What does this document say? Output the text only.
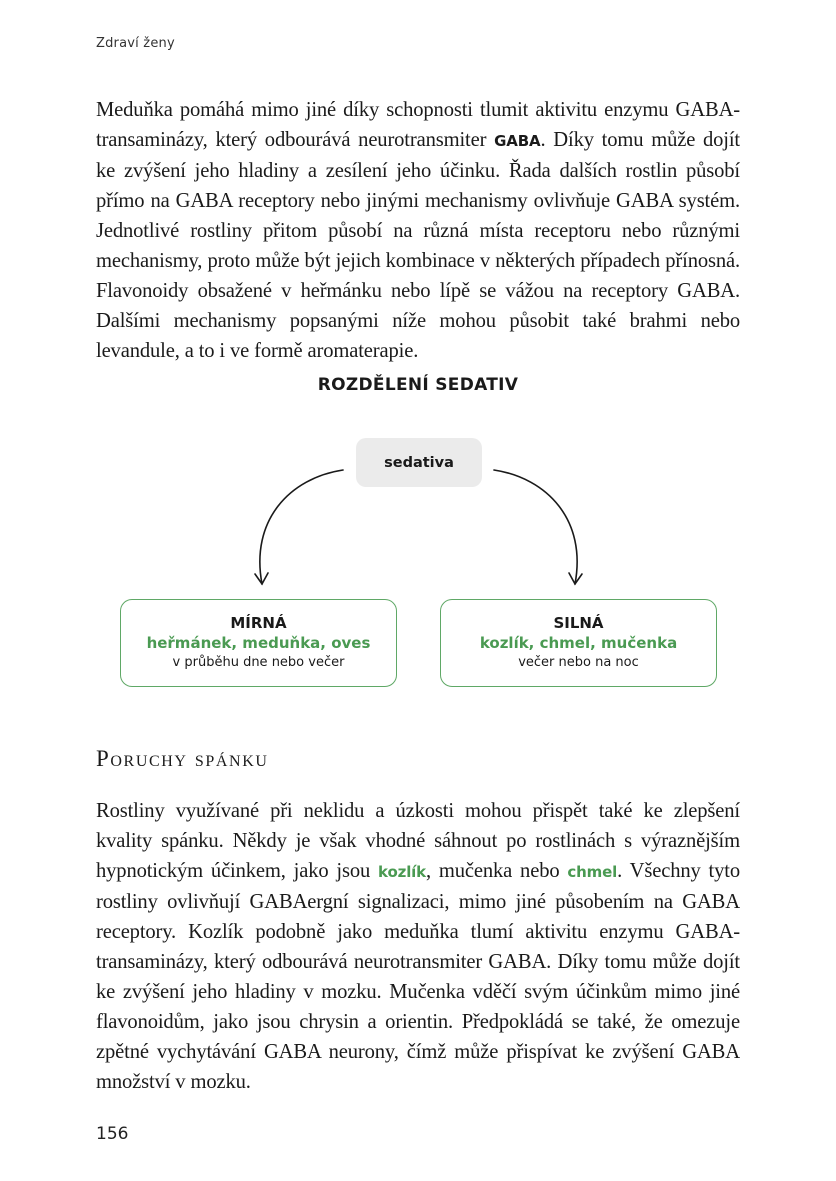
Zdraví ženy

Meduňka pomáhá mimo jiné díky schopnosti tlumit aktivitu enzymu GABA-transaminázy, který odbourává neurotransmiter GABA. Díky tomu může dojít ke zvýšení jeho hladiny a zesílení jeho účinku. Řada dalších rostlin působí přímo na GABA receptory nebo jinými mechanismy ovlivňuje GABA systém. Jednotlivé rostliny přitom působí na různá místa receptoru nebo různými mechanismy, proto může být jejich kombinace v některých případech přínosná. Flavonoidy obsažené v heřmánku nebo lípě se vážou na receptory GABA. Dalšími mechanismy popsanými níže mohou působit také brahmi nebo levandule, a to i ve formě aromaterapie.

ROZDĚLENÍ SEDATIV
sedativa
MÍRNÁ
heřmánek, meduňka, oves
v průběhu dne nebo večer
SILNÁ
kozlík, chmel, mučenka
večer nebo na noc
Poruchy spánku

Rostliny využívané při neklidu a úzkosti mohou přispět také ke zlepšení kvality spánku. Někdy je však vhodné sáhnout po rostlinách s výraznějším hypnotickým účinkem, jako jsou kozlík, mučenka nebo chmel. Všechny tyto rostliny ovlivňují GABAergní signalizaci, mimo jiné působením na GABA receptory. Kozlík podobně jako meduňka tlumí aktivitu enzymu GABA-transaminázy, který odbourává neurotransmiter GABA. Díky tomu může dojít ke zvýšení jeho hladiny v mozku. Mučenka vděčí svým účinkům mimo jiné flavonoidům, jako jsou chrysin a orientin. Předpokládá se také, že omezuje zpětné vychytávání GABA neurony, čímž může přispívat ke zvýšení GABA množství v mozku.

156
